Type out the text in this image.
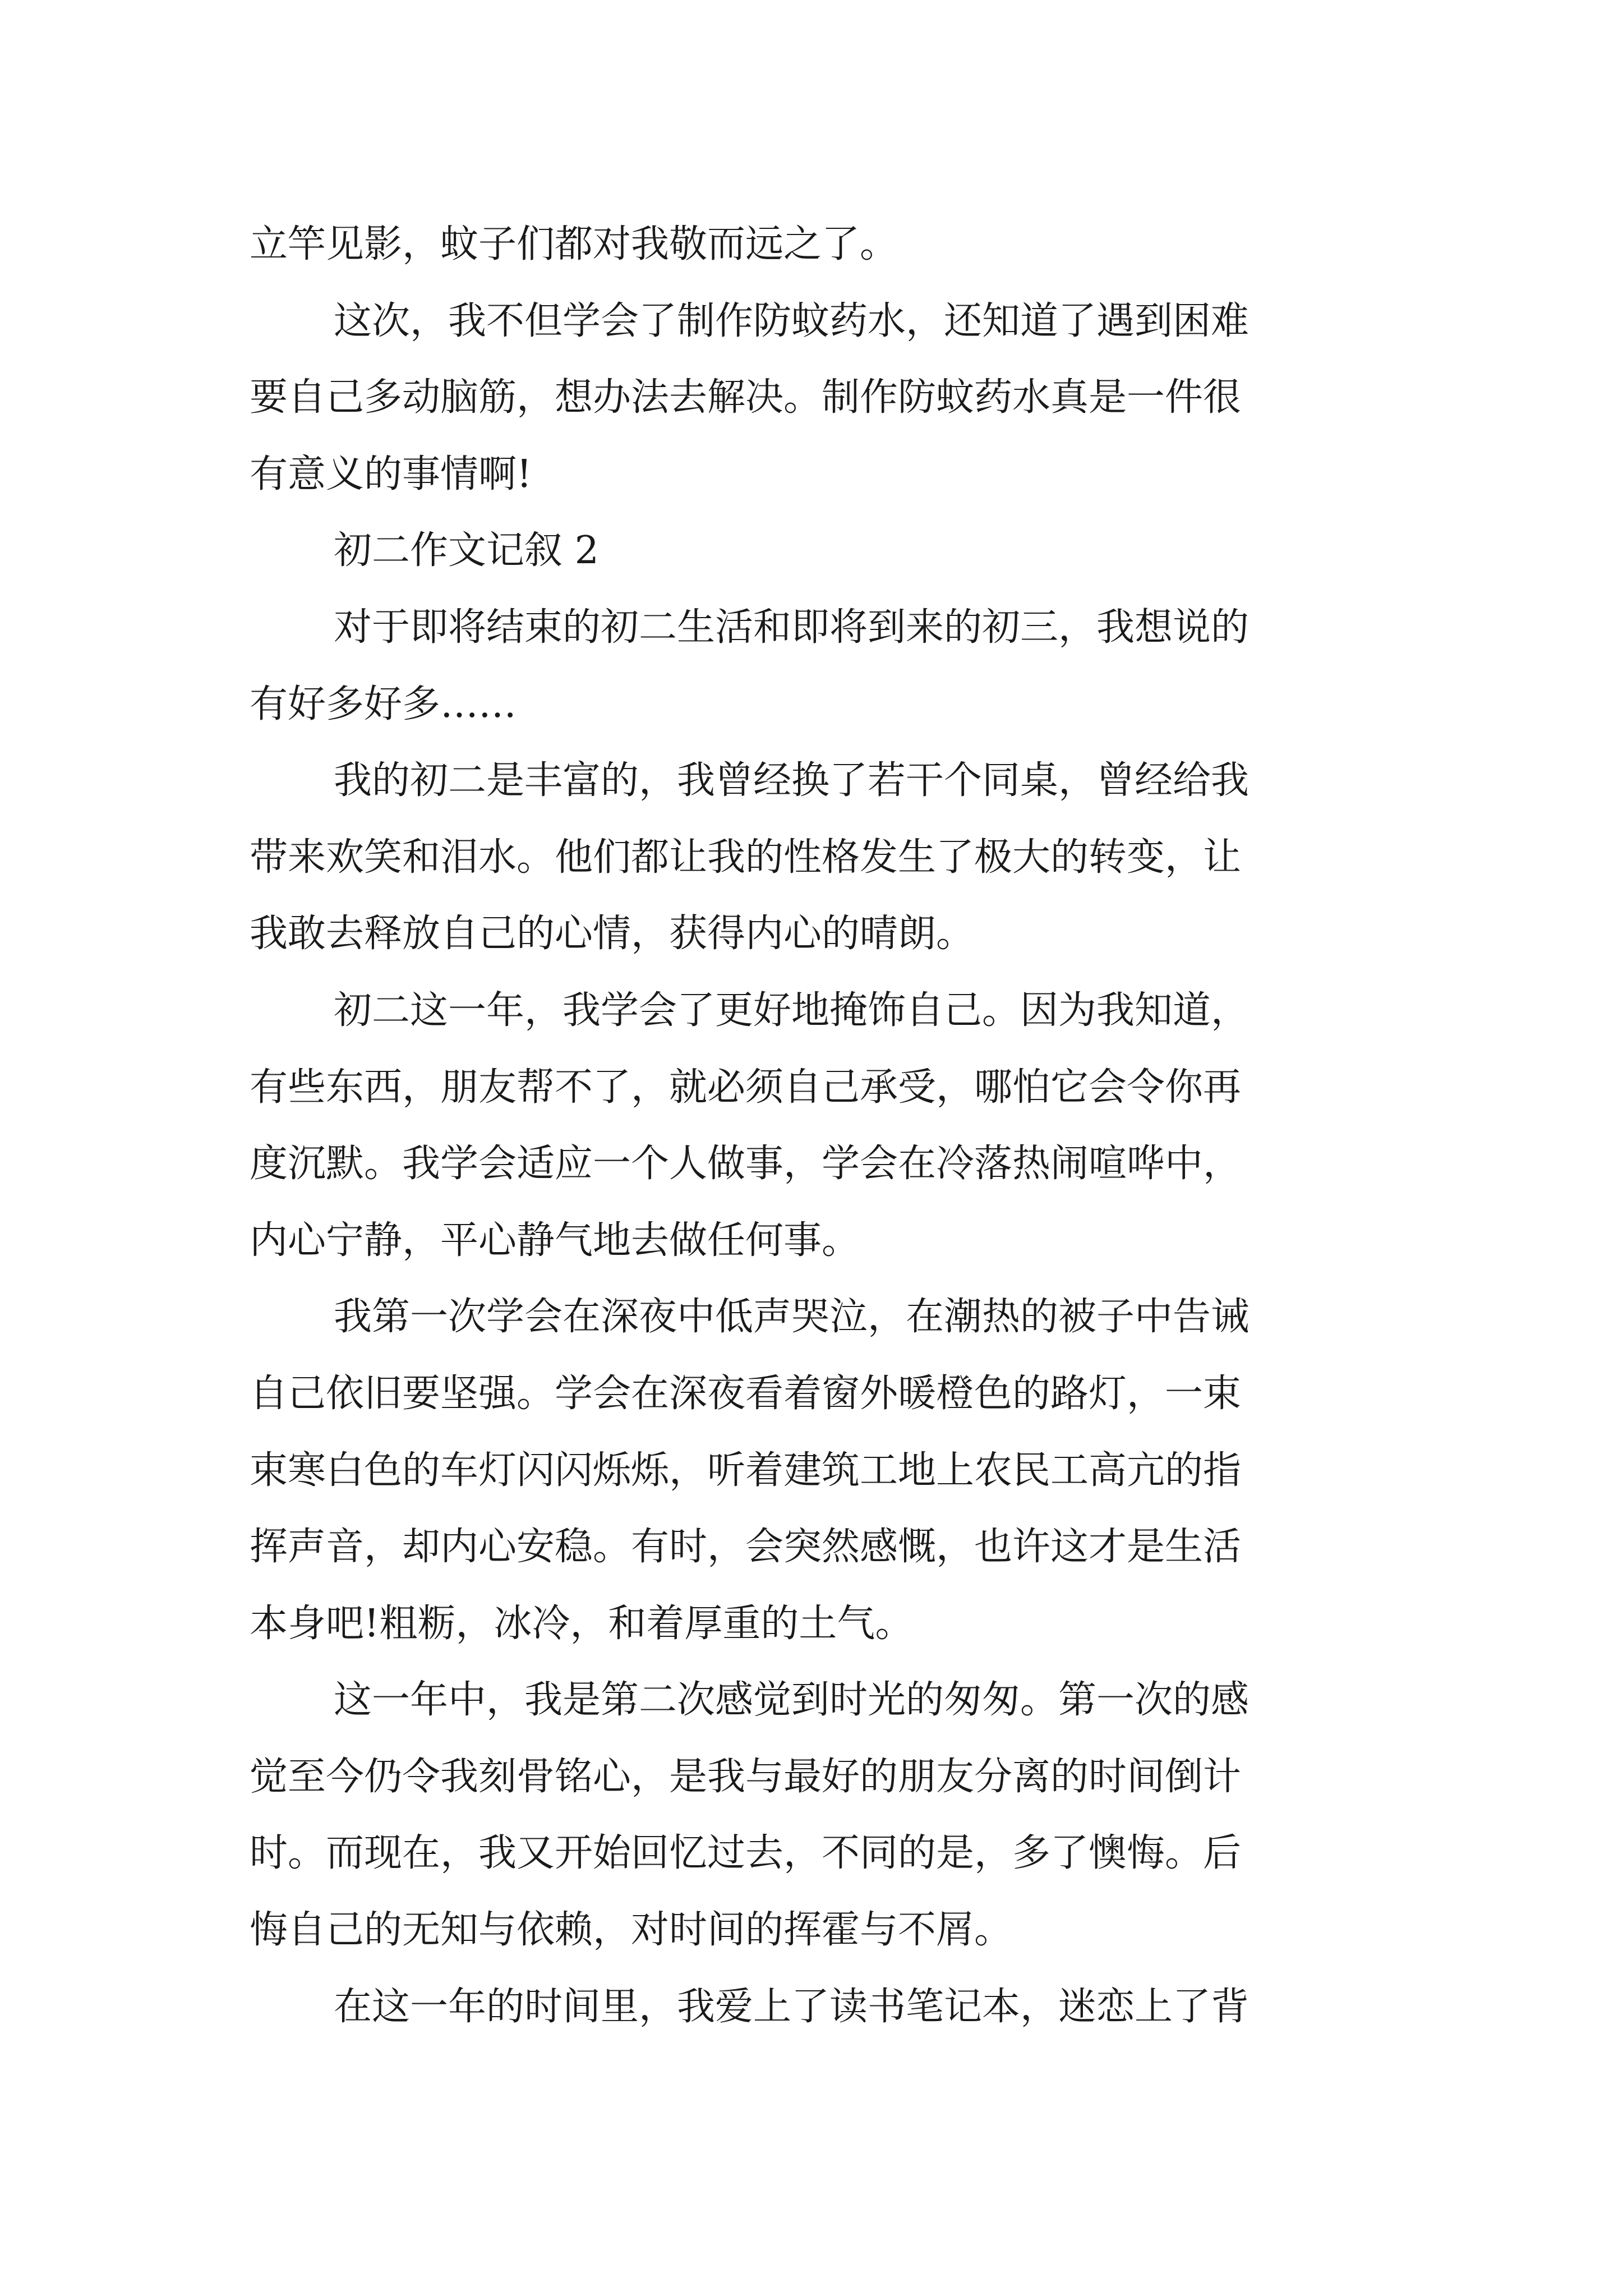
立竿见影，蚊子们都对我敬而远之了。
这次，我不但学会了制作防蚊药水，还知道了遇到困难
要自己多动脑筋，想办法去解决。制作防蚊药水真是一件很
有意义的事情啊!
初二作文记叙 2
对于即将结束的初二生活和即将到来的初三，我想说的
有好多好多……
我的初二是丰富的，我曾经换了若干个同桌，曾经给我
带来欢笑和泪水。他们都让我的性格发生了极大的转变，让
我敢去释放自己的心情，获得内心的晴朗。
初二这一年，我学会了更好地掩饰自己。因为我知道，
有些东西，朋友帮不了，就必须自己承受，哪怕它会令你再
度沉默。我学会适应一个人做事，学会在冷落热闹喧哗中，
内心宁静，平心静气地去做任何事。
我第一次学会在深夜中低声哭泣，在潮热的被子中告诫
自己依旧要坚强。学会在深夜看着窗外暖橙色的路灯，一束
束寒白色的车灯闪闪烁烁，听着建筑工地上农民工高亢的指
挥声音，却内心安稳。有时，会突然感慨，也许这才是生活
本身吧!粗粝，冰冷，和着厚重的土气。
这一年中，我是第二次感觉到时光的匆匆。第一次的感
觉至今仍令我刻骨铭心，是我与最好的朋友分离的时间倒计
时。而现在，我又开始回忆过去，不同的是，多了懊悔。后
悔自己的无知与依赖，对时间的挥霍与不屑。
在这一年的时间里，我爱上了读书笔记本，迷恋上了背
